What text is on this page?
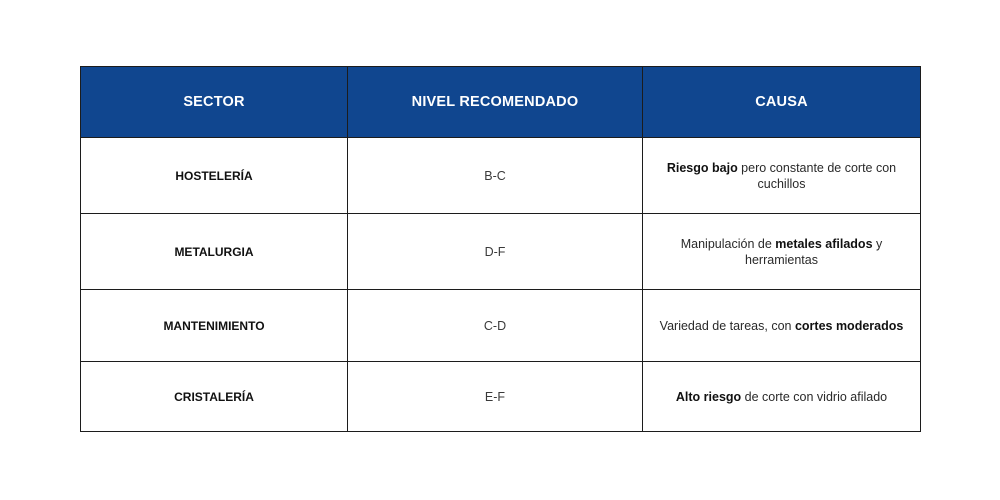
SECTOR	NIVEL RECOMENDADO	CAUSA
HOSTELERÍA	B-C	Riesgo bajo pero constante de corte con cuchillos
METALURGIA	D-F	Manipulación de metales afilados y herramientas
MANTENIMIENTO	C-D	Variedad de tareas, con cortes moderados
CRISTALERÍA	E-F	Alto riesgo de corte con vidrio afilado
